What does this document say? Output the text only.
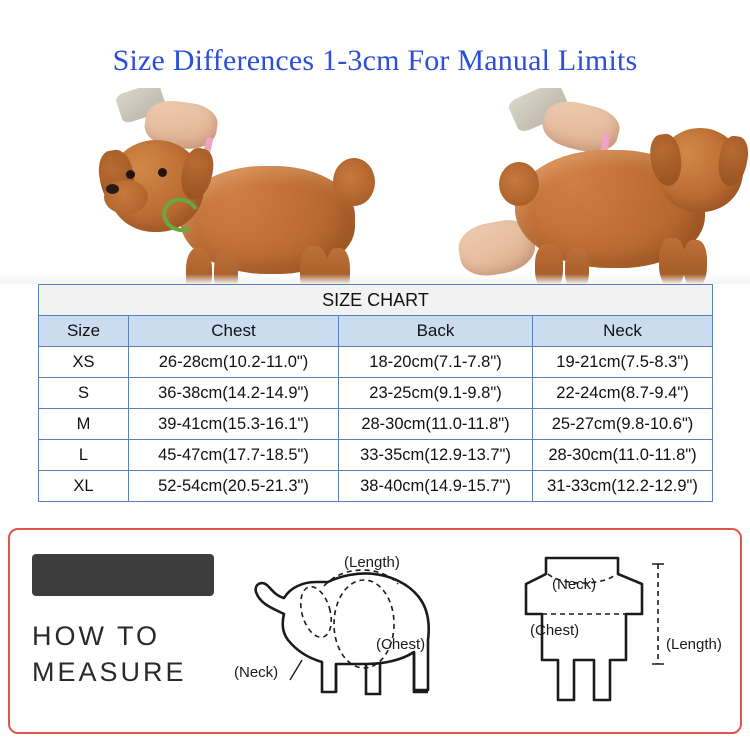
Size Differences 1-3cm For Manual Limits
SIZE CHART			
Size	Chest	Back	Neck
XS	26-28cm(10.2-11.0")	18-20cm(7.1-7.8")	19-21cm(7.5-8.3")
S	36-38cm(14.2-14.9")	23-25cm(9.1-9.8")	22-24cm(8.7-9.4")
M	39-41cm(15.3-16.1")	28-30cm(11.0-11.8")	25-27cm(9.8-10.6")
L	45-47cm(17.7-18.5")	33-35cm(12.9-13.7")	28-30cm(11.0-11.8")
XL	52-54cm(20.5-21.3")	38-40cm(14.9-15.7")	31-33cm(12.2-12.9")
HOW TO
MEASURE
(Length)
(Chest)
(Neck)
(Neck)
(Chest)
(Length)
